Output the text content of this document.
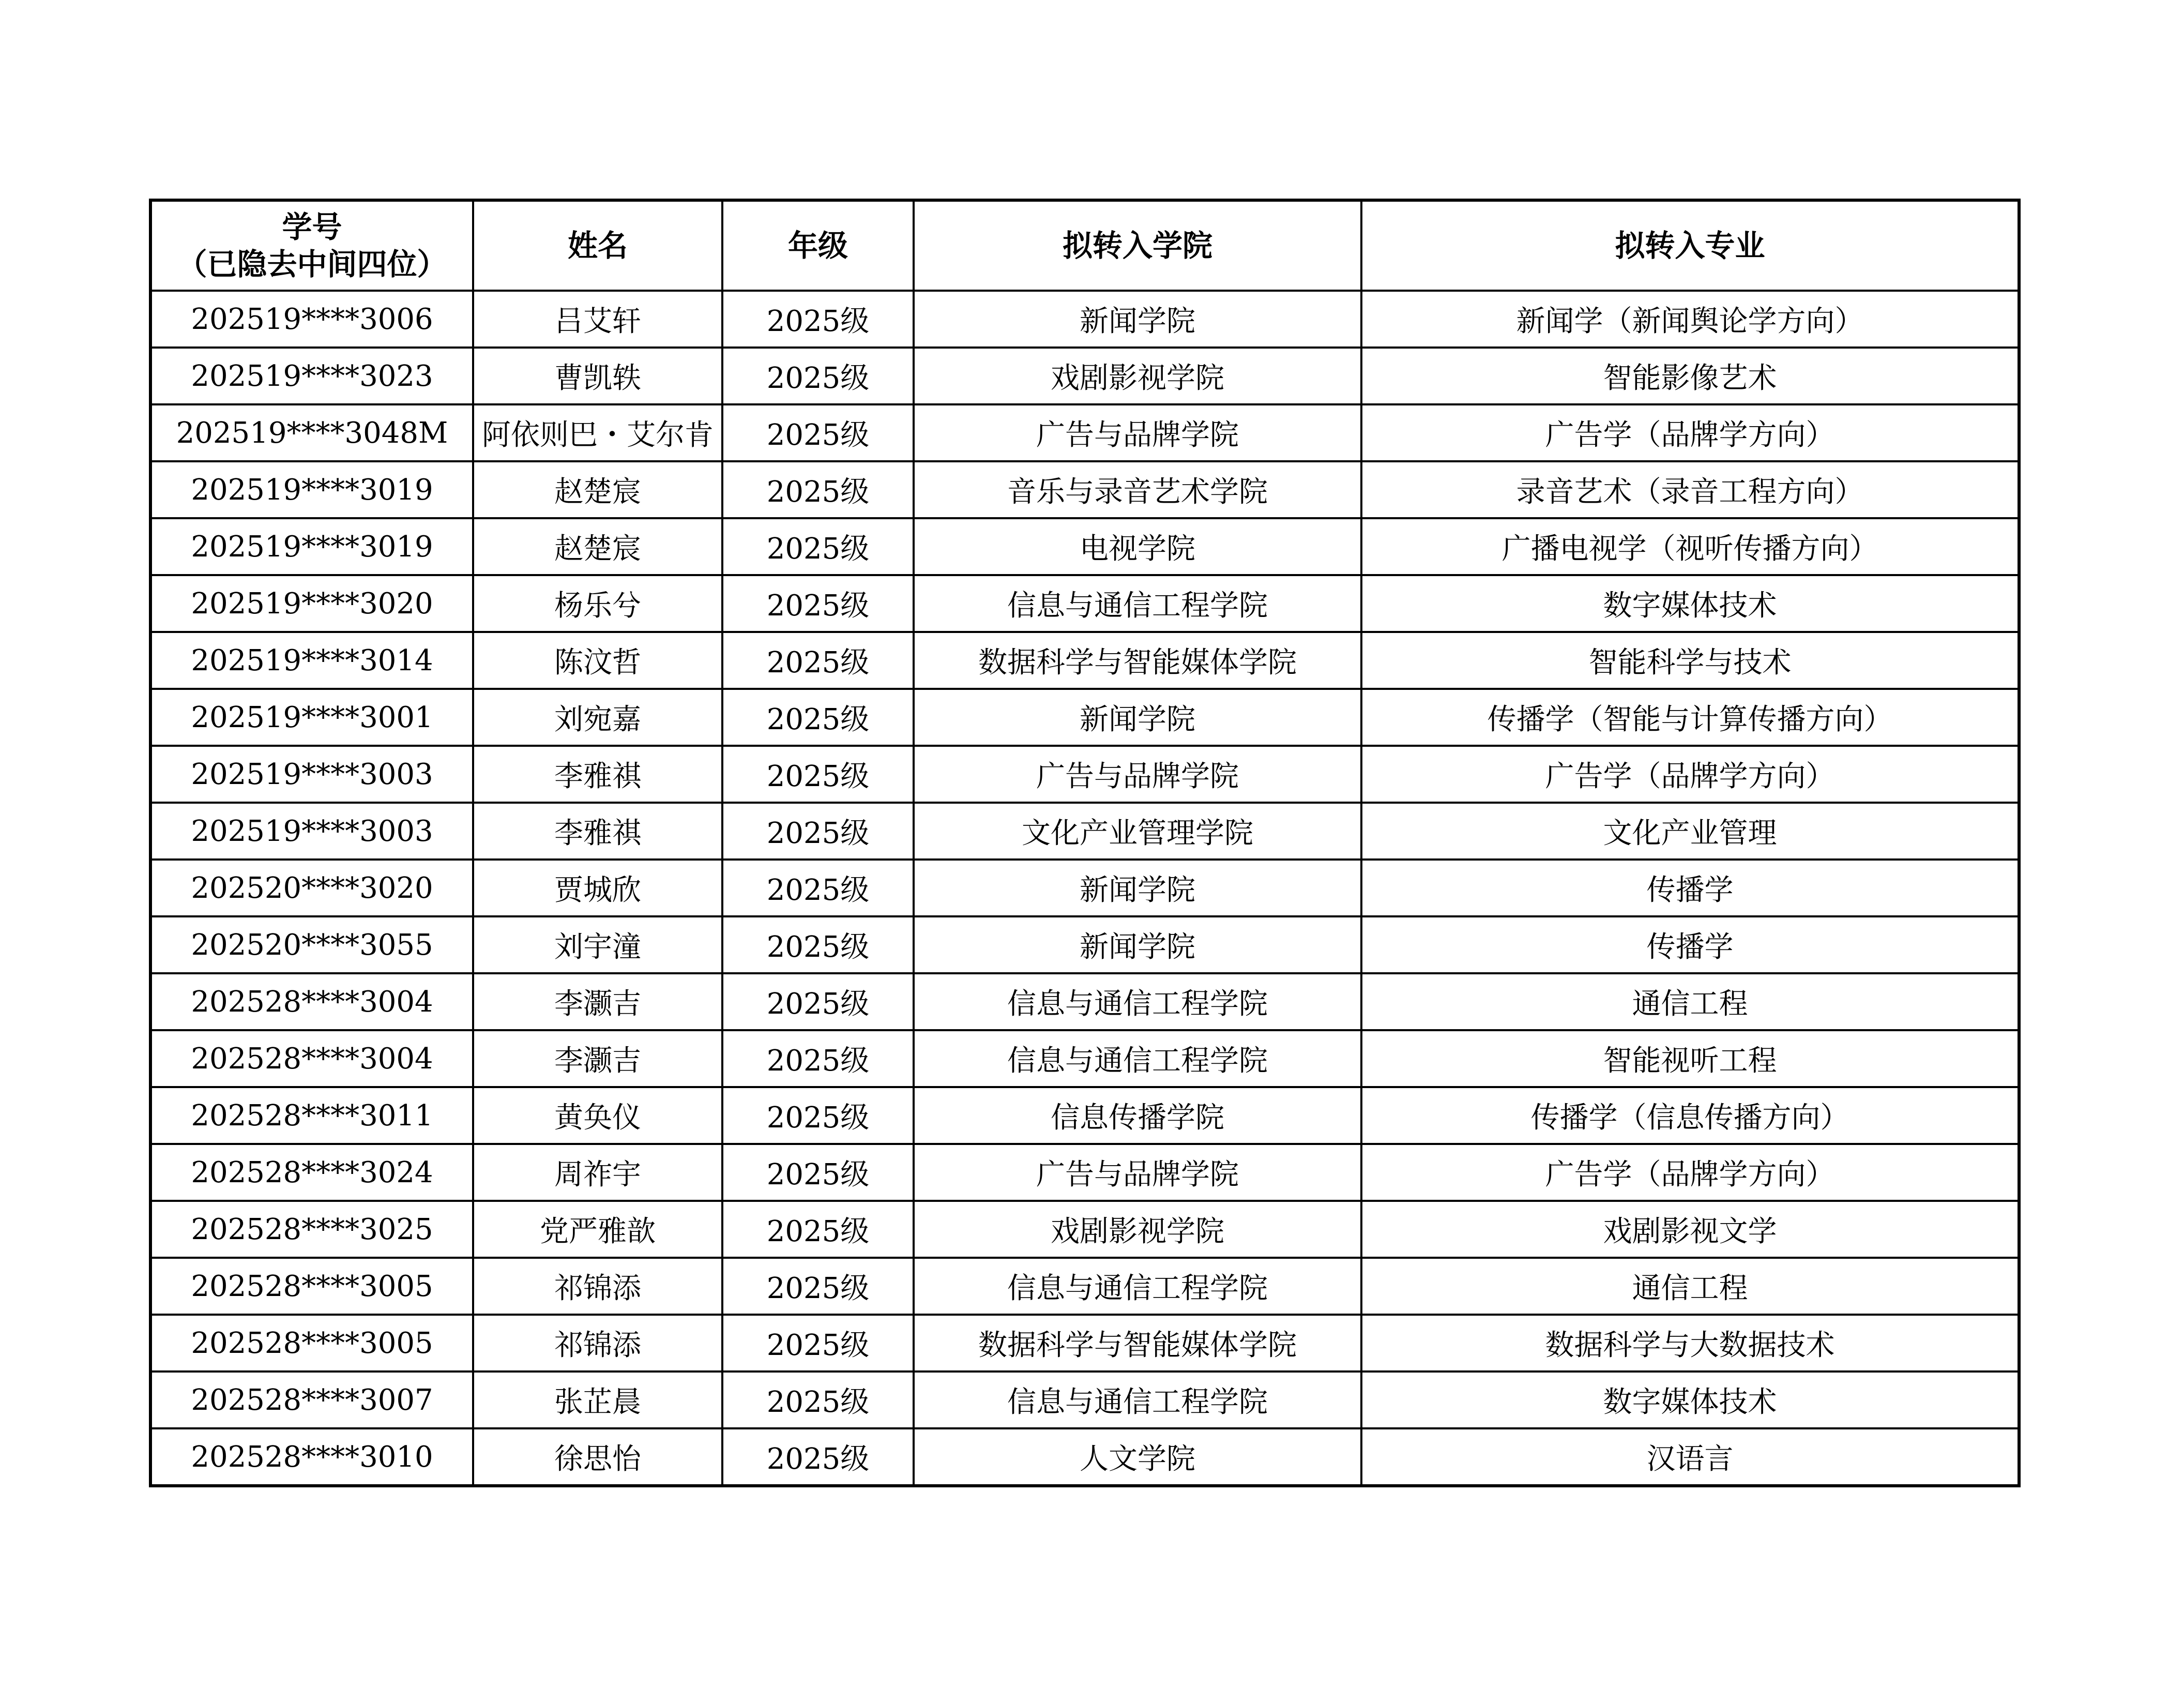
学号
（已隐去中间四位）	姓名	年级	拟转入学院	拟转入专业
202519****3006	吕艾轩	2025级	新闻学院	新闻学（新闻舆论学方向）
202519****3023	曹凯轶	2025级	戏剧影视学院	智能影像艺术
202519****3048M	阿依则巴・艾尔肯	2025级	广告与品牌学院	广告学（品牌学方向）
202519****3019	赵楚宸	2025级	音乐与录音艺术学院	录音艺术（录音工程方向）
202519****3019	赵楚宸	2025级	电视学院	广播电视学（视听传播方向）
202519****3020	杨乐兮	2025级	信息与通信工程学院	数字媒体技术
202519****3014	陈汶哲	2025级	数据科学与智能媒体学院	智能科学与技术
202519****3001	刘宛嘉	2025级	新闻学院	传播学（智能与计算传播方向）
202519****3003	李雅祺	2025级	广告与品牌学院	广告学（品牌学方向）
202519****3003	李雅祺	2025级	文化产业管理学院	文化产业管理
202520****3020	贾城欣	2025级	新闻学院	传播学
202520****3055	刘宇潼	2025级	新闻学院	传播学
202528****3004	李灏吉	2025级	信息与通信工程学院	通信工程
202528****3004	李灏吉	2025级	信息与通信工程学院	智能视听工程
202528****3011	黄奂仪	2025级	信息传播学院	传播学（信息传播方向）
202528****3024	周祚宇	2025级	广告与品牌学院	广告学（品牌学方向）
202528****3025	党严雅歆	2025级	戏剧影视学院	戏剧影视文学
202528****3005	祁锦添	2025级	信息与通信工程学院	通信工程
202528****3005	祁锦添	2025级	数据科学与智能媒体学院	数据科学与大数据技术
202528****3007	张芷晨	2025级	信息与通信工程学院	数字媒体技术
202528****3010	徐思怡	2025级	人文学院	汉语言
